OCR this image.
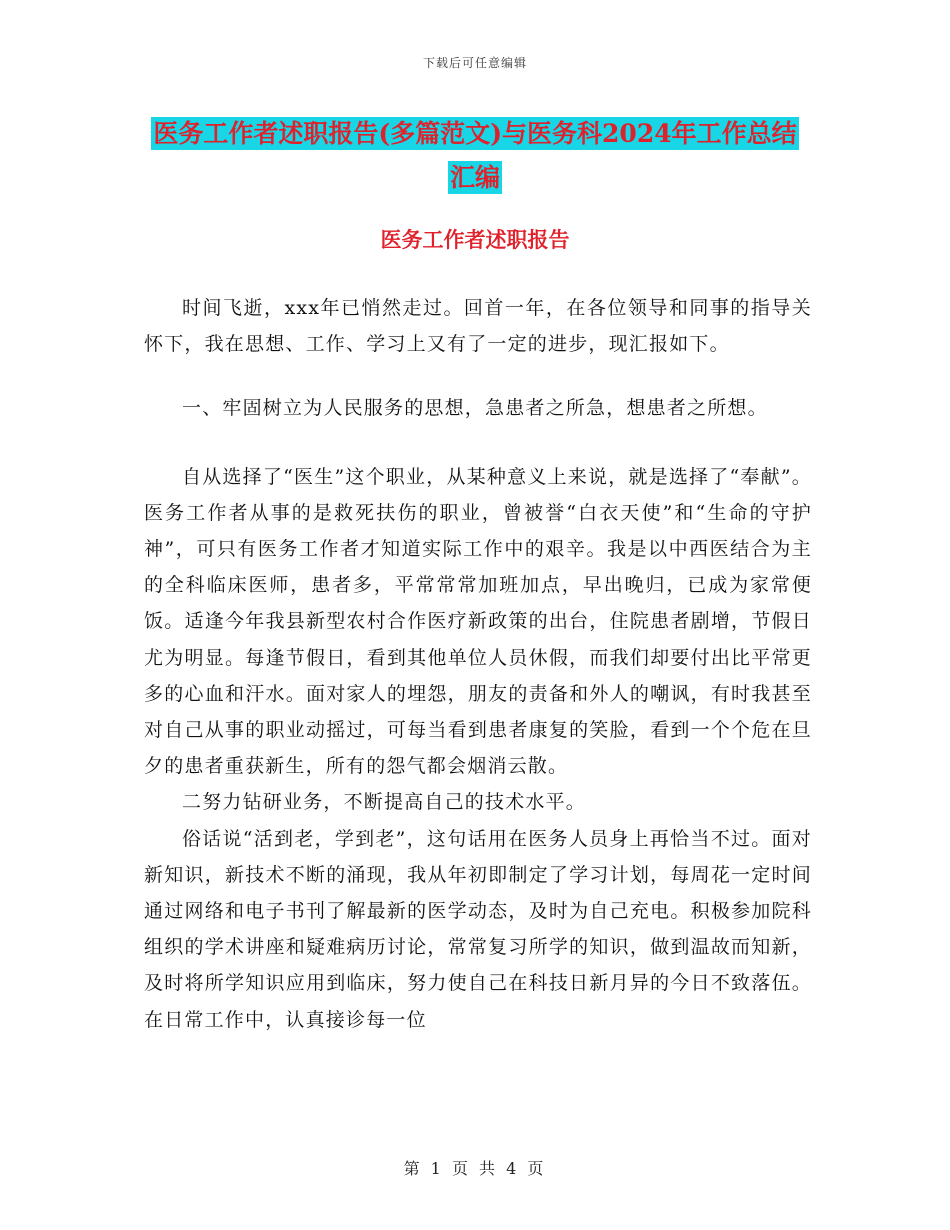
下载后可任意编辑
医务工作者述职报告(多篇范文)与医务科2024年工作总结汇编
医务工作者述职报告

时间飞逝，xxx年已悄然走过。回首一年，在各位领导和同事的指导关怀下，我在思想、工作、学习上又有了一定的进步，现汇报如下。

一、牢固树立为人民服务的思想，急患者之所急，想患者之所想。

自从选择了“医生”这个职业，从某种意义上来说，就是选择了“奉献”。医务工作者从事的是救死扶伤的职业，曾被誉“白衣天使”和“生命的守护神”，可只有医务工作者才知道实际工作中的艰辛。我是以中西医结合为主的全科临床医师，患者多，平常常常加班加点，早出晚归，已成为家常便饭。适逢今年我县新型农村合作医疗新政策的出台，住院患者剧增，节假日尤为明显。每逢节假日，看到其他单位人员休假，而我们却要付出比平常更多的心血和汗水。面对家人的埋怨，朋友的责备和外人的嘲讽，有时我甚至对自己从事的职业动摇过，可每当看到患者康复的笑脸，看到一个个危在旦夕的患者重获新生，所有的怨气都会烟消云散。

二努力钻研业务，不断提高自己的技术水平。

俗话说“活到老，学到老”，这句话用在医务人员身上再恰当不过。面对新知识，新技术不断的涌现，我从年初即制定了学习计划，每周花一定时间通过网络和电子书刊了解最新的医学动态，及时为自己充电。积极参加院科组织的学术讲座和疑难病历讨论，常常复习所学的知识，做到温故而知新，及时将所学知识应用到临床，努力使自己在科技日新月异的今日不致落伍。在日常工作中，认真接诊每一位

第 1 页 共 4 页
